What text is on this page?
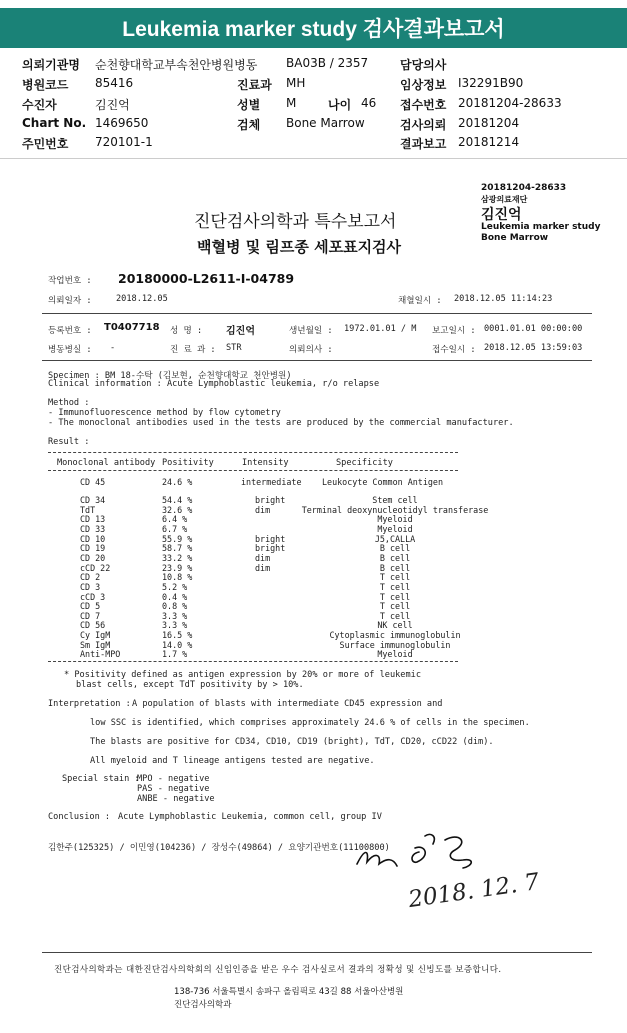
Leukemia marker study 검사결과보고서
의뢰기관명 순천향대학교부속천안병원병동 BA03B / 2357	담당의사
병원코드 85416	진료과 MH	임상정보 I32291B90
수진자	김진억	성별 M	나이 46 접수번호 20181204-28633
Chart No. 1469650	검체 Bone Marrow	검사의뢰 20181204
주민번호 720101-1	결과보고 20181214
20181204-28633
삼광의료재단
김진억
Leukemia marker study
Bone Marrow
진단검사의학과 특수보고서
백혈병 및 림프종 세포표지검사
작업번호 : 20180000-L2611-I-04789
의뢰일자 :	2018.12.05	채혈일시 : 2018.12.05 11:14:23
등록번호 : T0407718 성 명 : 김진억	생년월일 : 1972.01.01 / M 보고일시 : 0001.01.01 00:00:00
병동병실 : -	진 료 과 : STR	의뢰의사 :	접수일시 : 2018.12.05 13:59:03
Specimen : BM 18-수탁 (김보현, 순천향대학교 천안병원)
Clinical information : Acute Lymphoblastic leukemia, r/o relapse
Method :
- Immunofluorescence method by flow cytometry
- The monoclonal antibodies used in the tests are produced by the commercial manufacturer.
Result :
Monoclonal antibody Positivity	Intensity	Specificity
CD 45	24.6 %	intermediate Leukocyte Common Antigen
CD 34	54.4 %	bright	Stem cell
TdT	32.6 %	dim	Terminal deoxynucleotidyl transferase
CD 13	6.4 %	Myeloid
CD 33	6.7 %	Myeloid
CD 10	55.9 %	bright	J5,CALLA
CD 19	58.7 %	bright	B cell
CD 20	33.2 %	dim	B cell
cCD 22	23.9 %	dim	B cell
CD 2	10.8 %	T cell
CD 3	5.2 %	T cell
cCD 3	0.4 %	T cell
CD 5	0.8 %	T cell
CD 7	3.3 %	T cell
CD 56	3.3 %	NK cell
Cy IgM	16.5 %	Cytoplasmic immunoglobulin
Sm IgM	14.0 %	Surface immunoglobulin
Anti-MPO	1.7 %	Myeloid
* Positivity defined as antigen expression by 20% or more of leukemic
blast cells, except TdT positivity by > 10%.
Interpretation : A population of blasts with intermediate CD45 expression and
low SSC is identified, which comprises approximately 24.6 % of cells in the specimen.
The blasts are positive for CD34, CD10, CD19 (bright), TdT, CD20, cCD22 (dim).
All myeloid and T lineage antigens tested are negative.
Special stain :
MPO - negative
PAS - negative
ANBE - negative
Conclusion : Acute Lymphoblastic Leukemia, common cell, group IV
김한주(125325) / 이민영(104236) / 장성수(49864) / 요양기관번호(11100800)
2018. 12. 7
진단검사의학과는 대한진단검사의학회의 신임인증을 받은 우수 검사실로서 결과의 정확성 및 신빙도를 보증합니다.
138-736 서울특별시 송파구 올림픽로 43길 88 서울아산병원
진단검사의학과
